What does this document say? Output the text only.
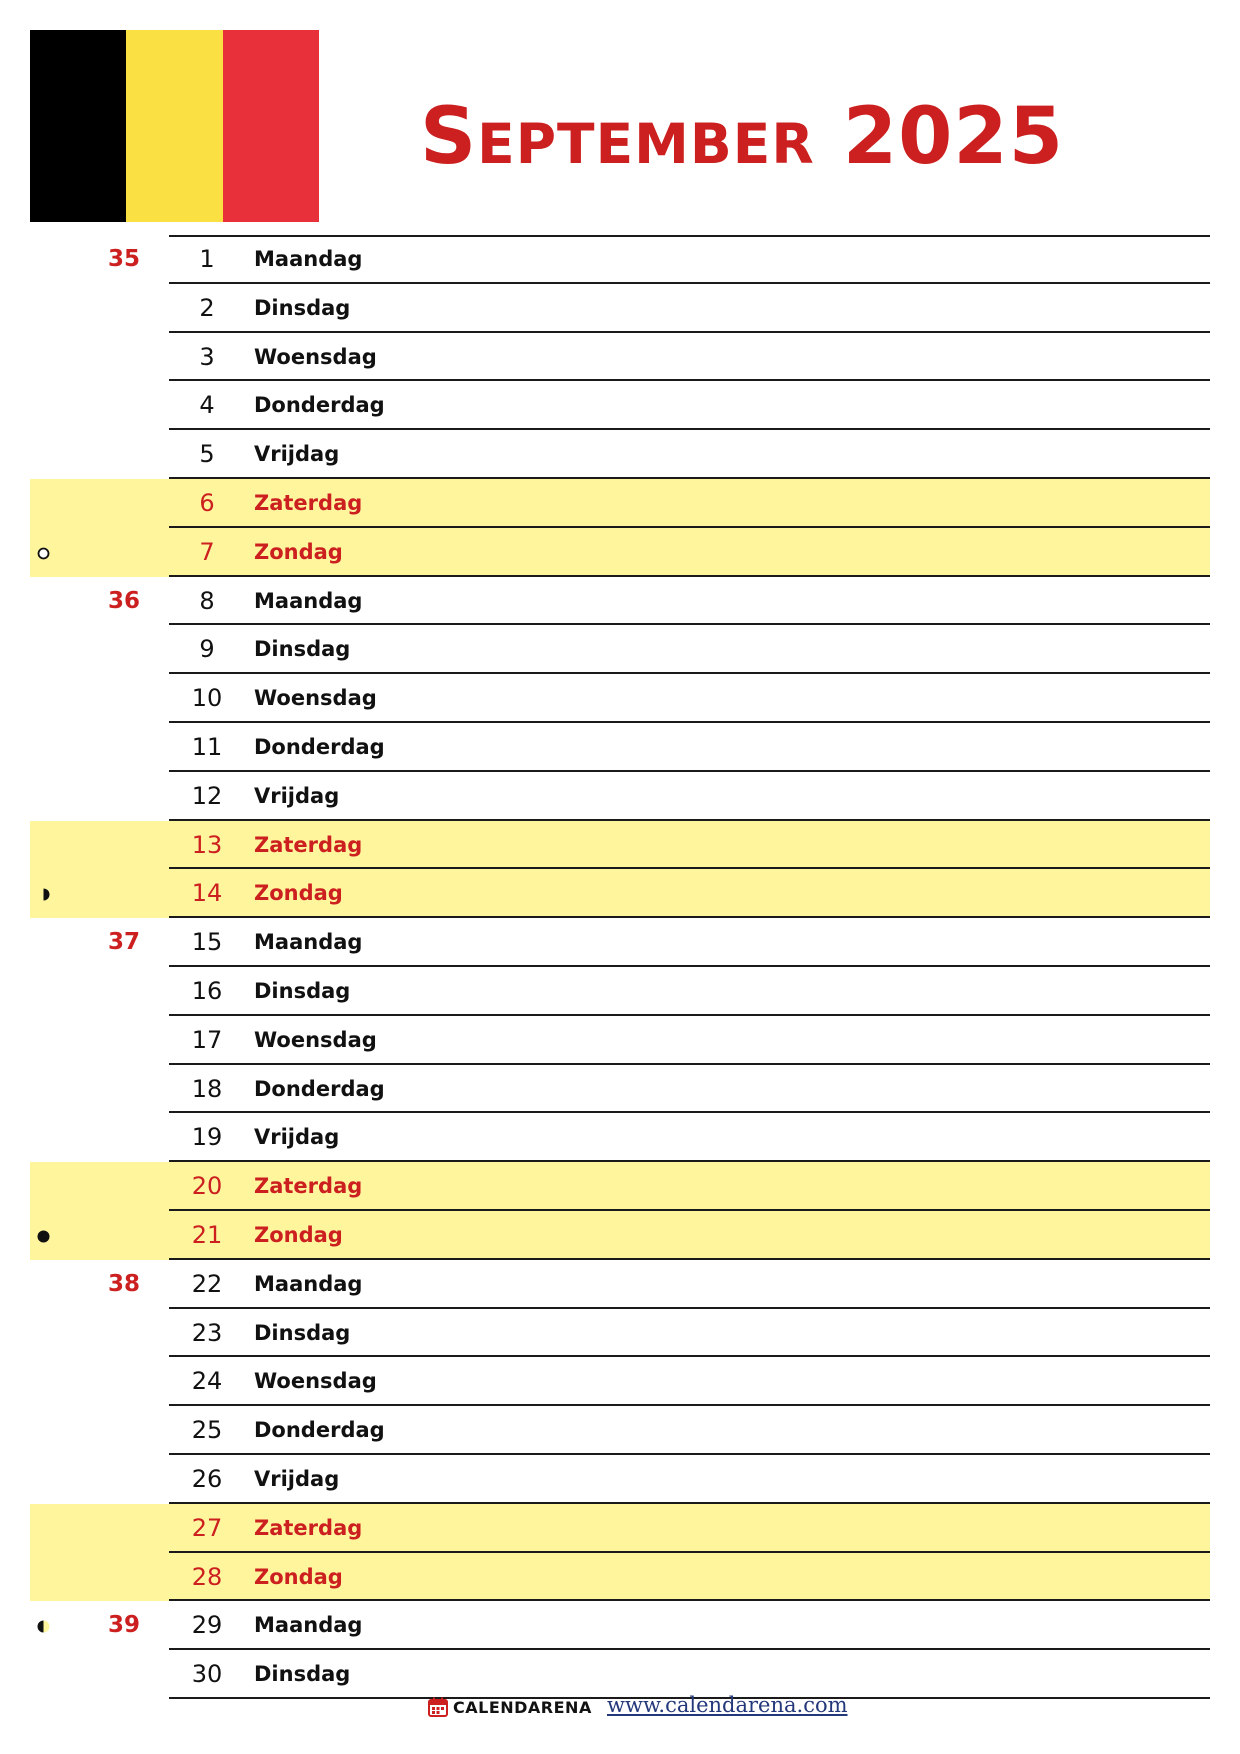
September 2025
35	1	Maandag
2	Dinsdag
3	Woensdag
4	Donderdag
5	Vrijdag
6	Zaterdag
7	Zondag
36	8	Maandag
9	Dinsdag
10	Woensdag
11	Donderdag
12	Vrijdag
13	Zaterdag
14	Zondag
37	15	Maandag
16	Dinsdag
17	Woensdag
18	Donderdag
19	Vrijdag
20	Zaterdag
21	Zondag
38	22	Maandag
23	Dinsdag
24	Woensdag
25	Donderdag
26	Vrijdag
27	Zaterdag
28	Zondag
39	29	Maandag
30	Dinsdag
CALENDARENA www.calendarena.com
